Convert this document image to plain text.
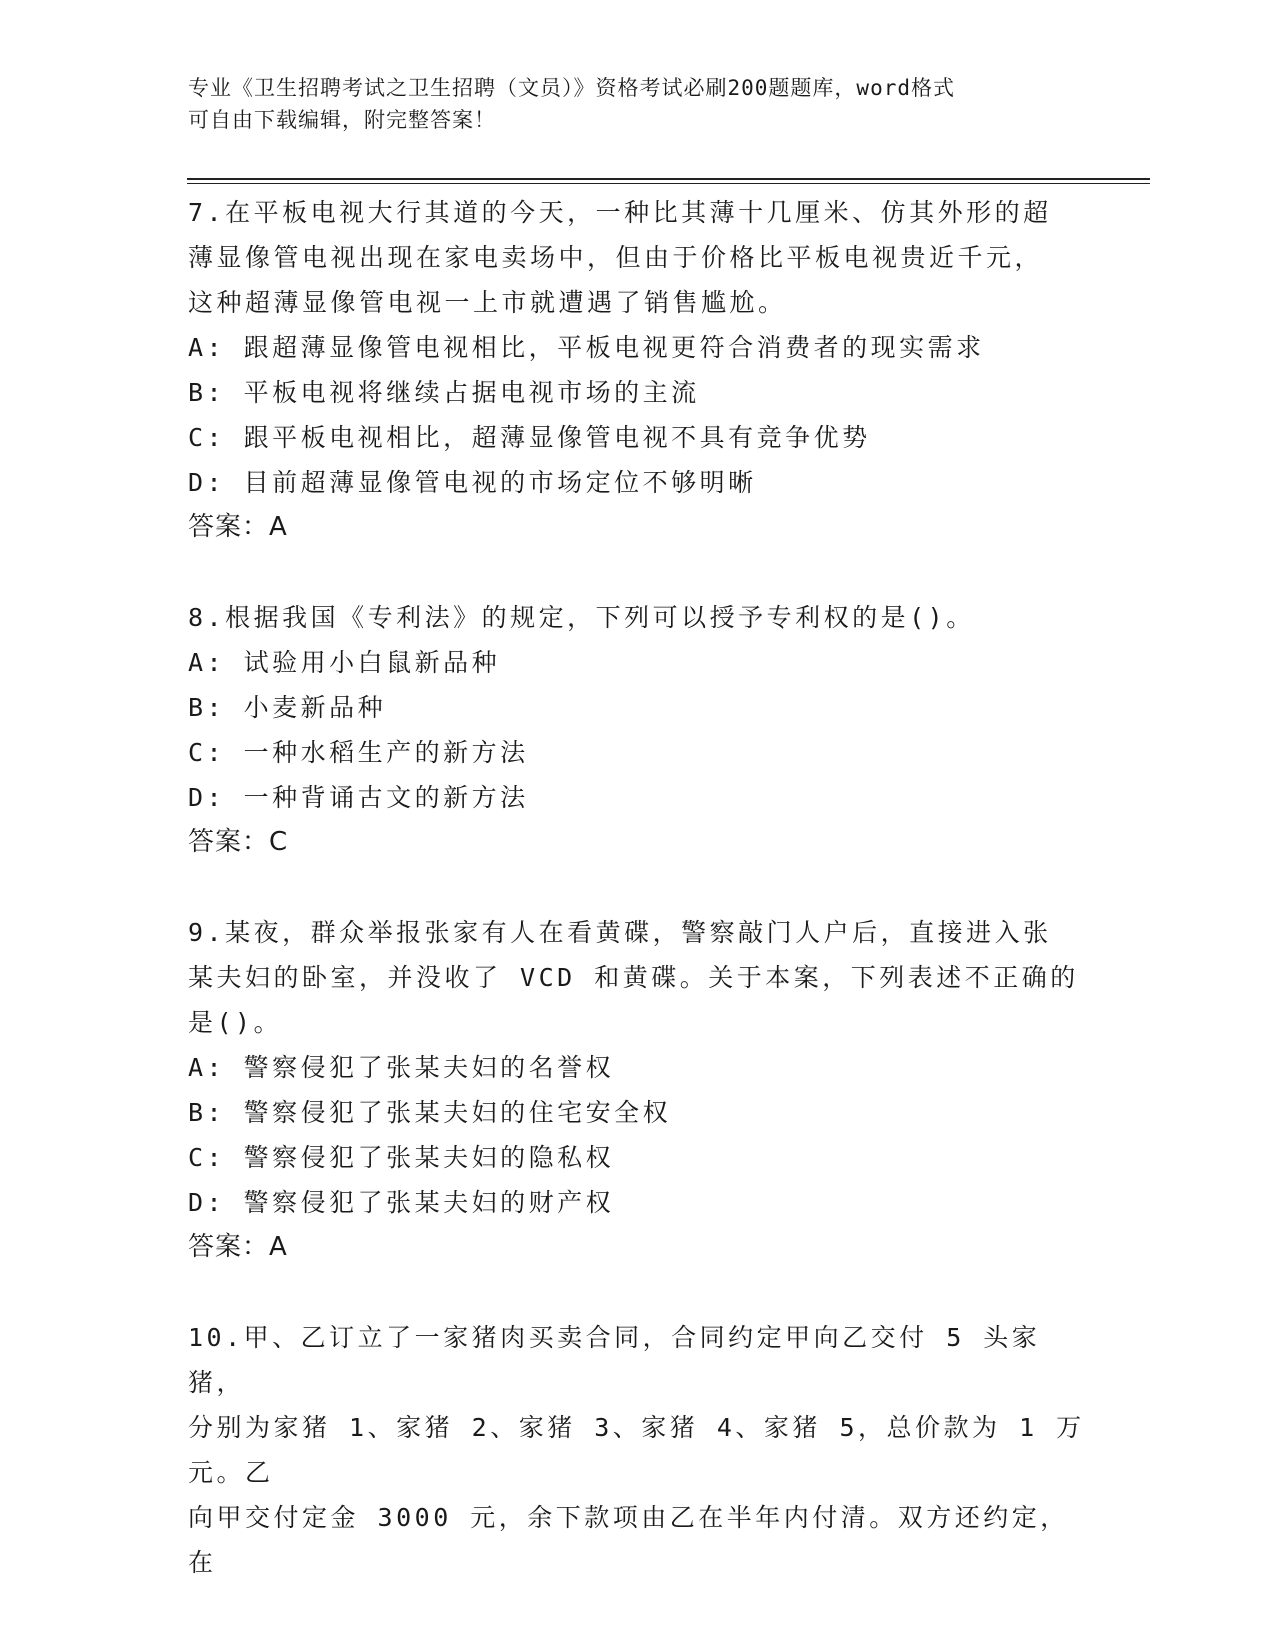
专业《卫生招聘考试之卫生招聘（文员）》资格考试必刷200题题库，word格式
可自由下载编辑，附完整答案！

7.在平板电视大行其道的今天，一种比其薄十几厘米、仿其外形的超

薄显像管电视出现在家电卖场中，但由于价格比平板电视贵近千元，

这种超薄显像管电视一上市就遭遇了销售尴尬。

A: 跟超薄显像管电视相比，平板电视更符合消费者的现实需求

B: 平板电视将继续占据电视市场的主流

C: 跟平板电视相比，超薄显像管电视不具有竞争优势

D: 目前超薄显像管电视的市场定位不够明晰

答案：A

8.根据我国《专利法》的规定，下列可以授予专利权的是()。

A: 试验用小白鼠新品种

B: 小麦新品种

C: 一种水稻生产的新方法

D: 一种背诵古文的新方法

答案：C

9.某夜，群众举报张家有人在看黄碟，警察敲门人户后，直接进入张

某夫妇的卧室，并没收了 VCD 和黄碟。关于本案，下列表述不正确的

是()。

A: 警察侵犯了张某夫妇的名誉权

B: 警察侵犯了张某夫妇的住宅安全权

C: 警察侵犯了张某夫妇的隐私权

D: 警察侵犯了张某夫妇的财产权

答案：A

10.甲、乙订立了一家猪肉买卖合同，合同约定甲向乙交付 5 头家猪，

分别为家猪 1、家猪 2、家猪 3、家猪 4、家猪 5，总价款为 1 万元。乙

向甲交付定金 3000 元，余下款项由乙在半年内付清。双方还约定，在
